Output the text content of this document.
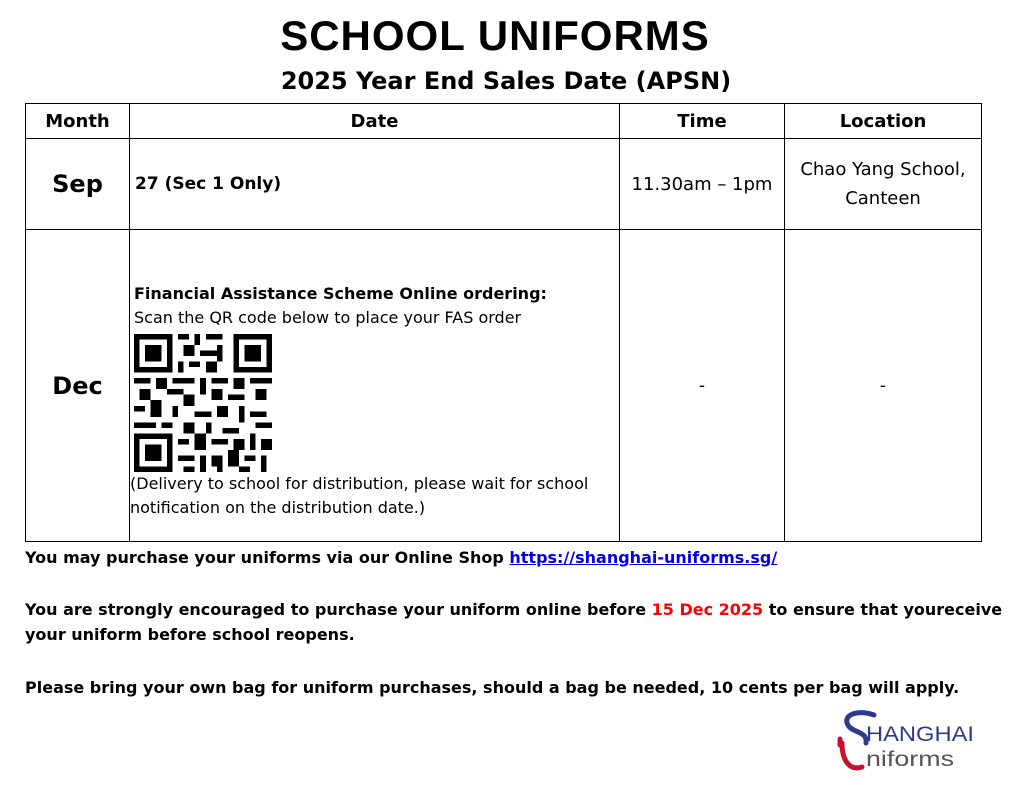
SCHOOL UNIFORMS
2025 Year End Sales Date (APSN)
Month	Date	Time	Location
Sep	27 (Sec 1 Only)	11.30am – 1pm	Chao Yang School,
Canteen

Dec	Financial Assistance Scheme Online ordering:
Scan the QR code below to place your FAS order
(Delivery to school for distribution, please wait for school
notification on the distribution date.)	-	-
You may purchase your uniforms via our Online Shop https://shanghai-uniforms.sg/
You are strongly encouraged to purchase your uniform online before 15 Dec 2025 to ensure that youreceive
your uniform before school reopens.
Please bring your own bag for uniform purchases, should a bag be needed, 10 cents per bag will apply.
HANGHAI
niforms
